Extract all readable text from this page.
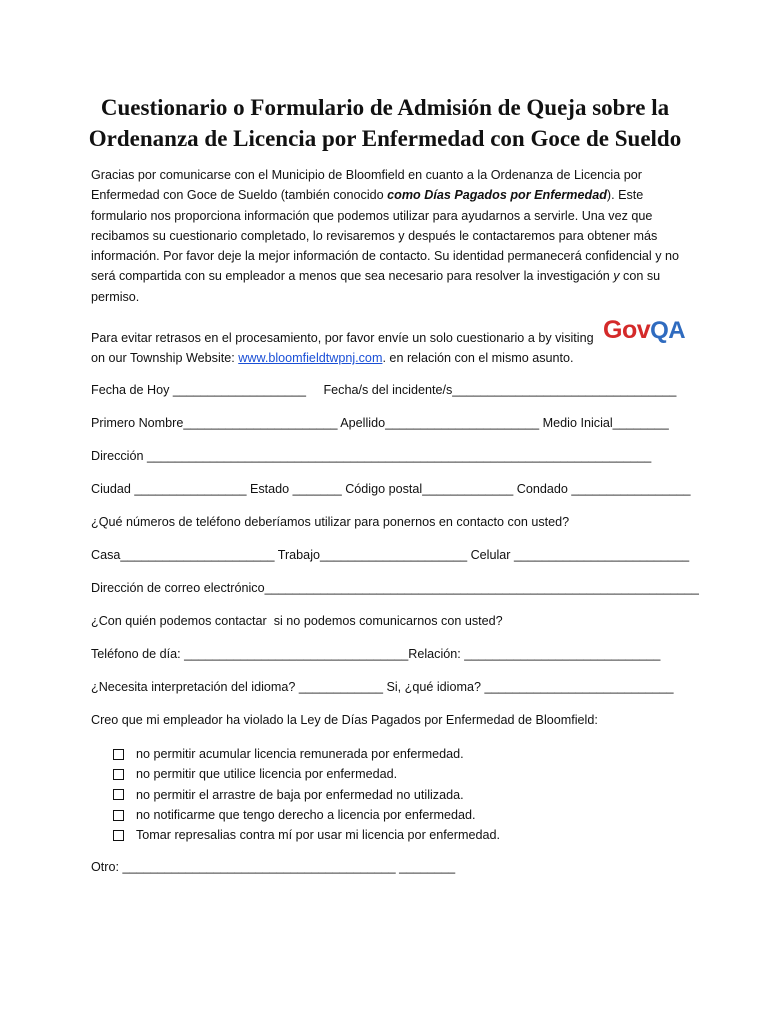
Cuestionario o Formulario de Admisión de Queja sobre la
Ordenanza de Licencia por Enfermedad con Goce de Sueldo

Gracias por comunicarse con el Municipio de Bloomfield en cuanto a la Ordenanza de Licencia por Enfermedad con Goce de Sueldo (también conocido como Días Pagados por Enfermedad). Este formulario nos proporciona información que podemos utilizar para ayudarnos a servirle. Una vez que recibamos su cuestionario completado, lo revisaremos y después le contactaremos para obtener más información. Por favor deje la mejor información de contacto. Su identidad permanecerá confidencial y no será compartida con su empleador a menos que sea necesario para resolver la investigación y con su permiso.

Para evitar retrasos en el procesamiento, por favor envíe un solo cuestionario a by visiting
on our Township Website: www.bloomfieldtwpnj.com. en relación con el mismo asunto.

GovQA
Fecha de Hoy ___________________     Fecha/s del incidente/s________________________________
Primero Nombre______________________ Apellido______________________ Medio Inicial________
Dirección ________________________________________________________________________
Ciudad ________________ Estado _______ Código postal_____________ Condado _________________
¿Qué números de teléfono deberíamos utilizar para ponernos en contacto con usted?
Casa______________________ Trabajo_____________________ Celular _________________________
Dirección de correo electrónico______________________________________________________________
¿Con quién podemos contactar  si no podemos comunicarnos con usted?
Teléfono de día: ________________________________Relación: ____________________________
¿Necesita interpretación del idioma? ____________ Si, ¿qué idioma? ___________________________
Creo que mi empleador ha violado la Ley de Días Pagados por Enfermedad de Bloomfield:
no permitir acumular licencia remunerada por enfermedad.
no permitir que utilice licencia por enfermedad.
no permitir el arrastre de baja por enfermedad no utilizada.
no notificarme que tengo derecho a licencia por enfermedad.
Tomar represalias contra mí por usar mi licencia por enfermedad.
Otro: _______________________________________ ________
